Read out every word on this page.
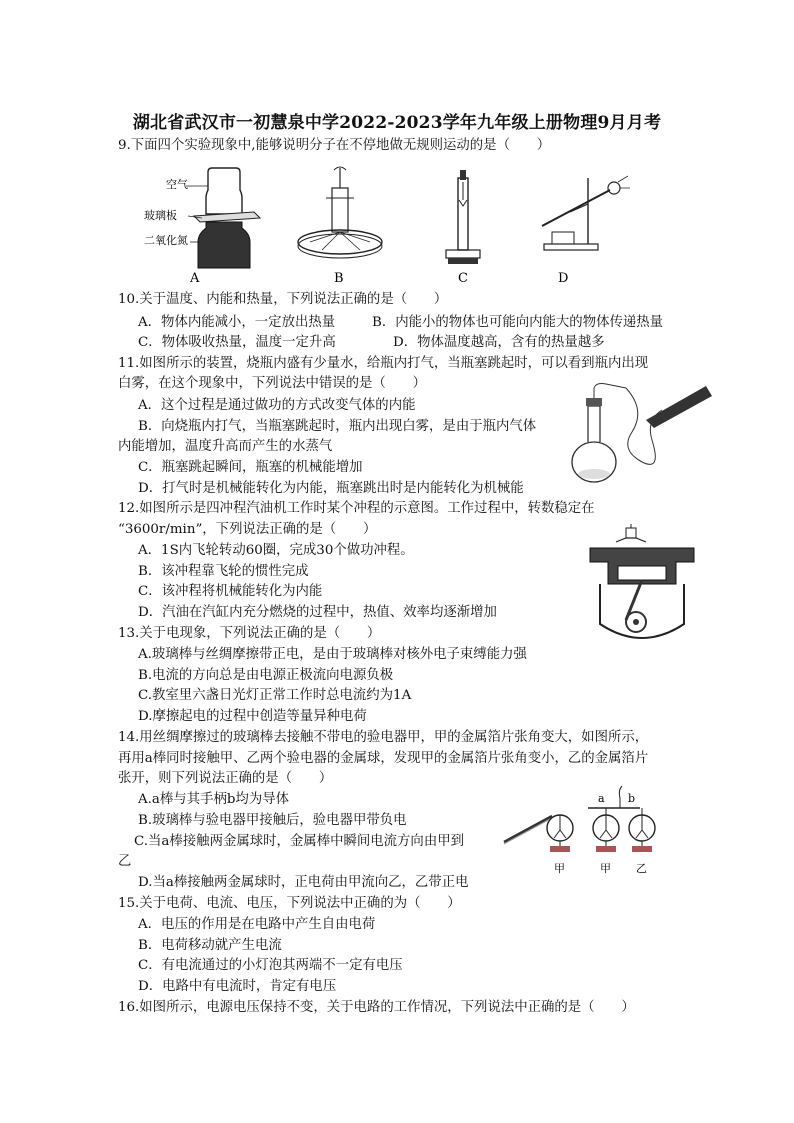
湖北省武汉市一初慧泉中学2022-2023学年九年级上册物理9月月考
9.下面四个实验现象中,能够说明分子在不停地做无规则运动的是（　　）
空气
玻璃板
二氧化氮
A	B	C	D
10.关于温度、内能和热量，下列说法正确的是（　　）
A．物体内能减小，一定放出热量	B．内能小的物体也可能向内能大的物体传递热量
C．物体吸收热量，温度一定升高	D．物体温度越高，含有的热量越多
11.如图所示的装置，烧瓶内盛有少量水，给瓶内打气，当瓶塞跳起时，可以看到瓶内出现
白雾，在这个现象中，下列说法中错误的是（　　）
A．这个过程是通过做功的方式改变气体的内能
B．向烧瓶内打气，当瓶塞跳起时，瓶内出现白雾，是由于瓶内气体
内能增加，温度升高而产生的水蒸气
C．瓶塞跳起瞬间，瓶塞的机械能增加
D．打气时是机械能转化为内能，瓶塞跳出时是内能转化为机械能
12.如图所示是四冲程汽油机工作时某个冲程的示意图。工作过程中，转数稳定在
“3600r/min”，下列说法正确的是（　　）
A．1S内飞轮转动60圈，完成30个做功冲程。
B．该冲程靠飞轮的惯性完成
C．该冲程将机械能转化为内能
D．汽油在汽缸内充分燃烧的过程中，热值、效率均逐渐增加
13.关于电现象，下列说法正确的是（　　）
A.玻璃棒与丝绸摩擦带正电，是由于玻璃棒对核外电子束缚能力强
B.电流的方向总是由电源正极流向电源负极
C.教室里六盏日光灯正常工作时总电流约为1A
D.摩擦起电的过程中创造等量异种电荷
14.用丝绸摩擦过的玻璃棒去接触不带电的验电器甲，甲的金属箔片张角变大，如图所示，
再用a棒同时接触甲、乙两个验电器的金属球，发现甲的金属箔片张角变小，乙的金属箔片
张开，则下列说法正确的是（　　）
A.a棒与其手柄b均为导体
B.玻璃棒与验电器甲接触后，验电器甲带负电
C.当a棒接触两金属球时，金属棒中瞬间电流方向由甲到
乙
D.当a棒接触两金属球时，正电荷由甲流向乙，乙带正电
a b
甲	甲 乙
15.关于电荷、电流、电压，下列说法中正确的为（　　）
A．电压的作用是在电路中产生自由电荷
B．电荷移动就产生电流
C．有电流通过的小灯泡其两端不一定有电压
D．电路中有电流时，肯定有电压
16.如图所示，电源电压保持不变，关于电路的工作情况，下列说法中正确的是（　　）
